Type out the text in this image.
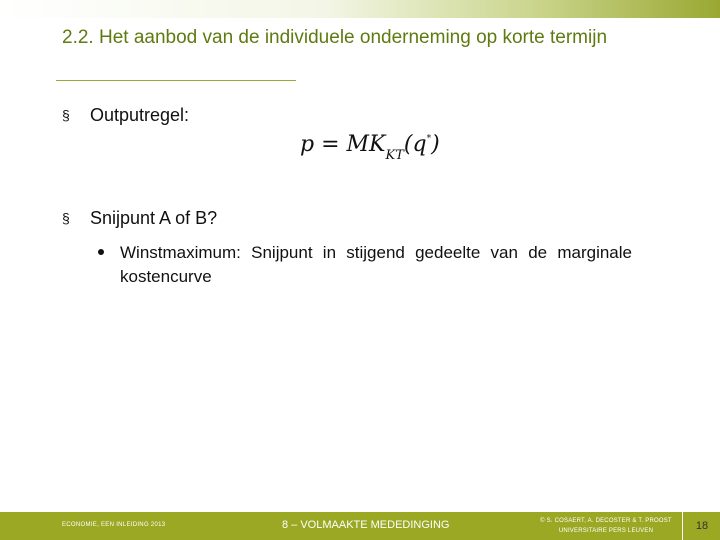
2.2. Het aanbod van de individuele onderneming op korte termijn
§ Outputregel:
$p = MK_{KT}(q^*)$
§ Snijpunt A of B?
Winstmaximum: Snijpunt in stijgend gedeelte van de marginale kostencurve
ECONOMIE, EEN INLEIDING 2013	8 – VOLMAAKTE MEDEDINGING	© S. COSAERT, A. DECOSTER & T. PROOST
UNIVERSITAIRE PERS LEUVEN	18
